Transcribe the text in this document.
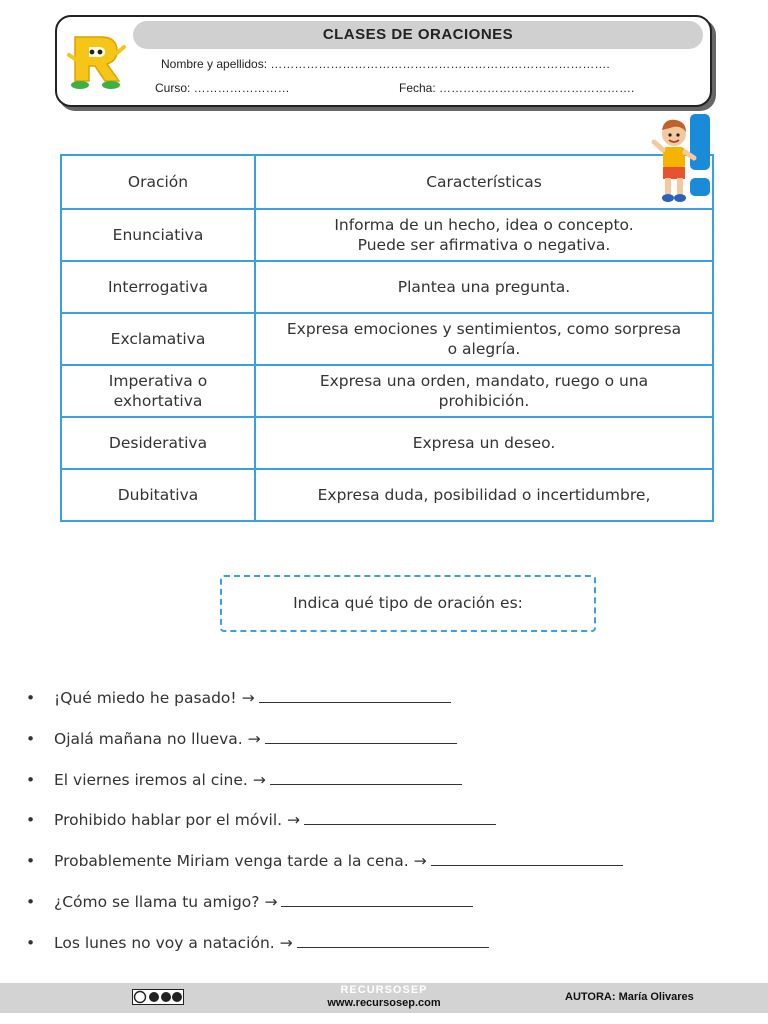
CLASES DE ORACIONES
Nombre y apellidos: ………………………………………………………………………….
Curso: ……………………	Fecha: ………………………………………….
Oración	Características
Enunciativa	Informa de un hecho, idea o concepto.
Puede ser afirmativa o negativa.
Interrogativa	Plantea una pregunta.
Exclamativa	Expresa emociones y sentimientos, como sorpresa
o alegría.
Imperativa o
exhortativa	Expresa una orden, mandato, ruego o una
prohibición.
Desiderativa	Expresa un deseo.
Dubitativa	Expresa duda, posibilidad o incertidumbre,
Indica qué tipo de oración es:
• ¡Qué miedo he pasado! →
• Ojalá mañana no llueva. →
• El viernes iremos al cine. →
• Prohibido hablar por el móvil. →
• Probablemente Miriam venga tarde a la cena. →
• ¿Cómo se llama tu amigo? →
• Los lunes no voy a natación. →
RECURSOSEP
www.recursosep.com	AUTORA: María Olivares
